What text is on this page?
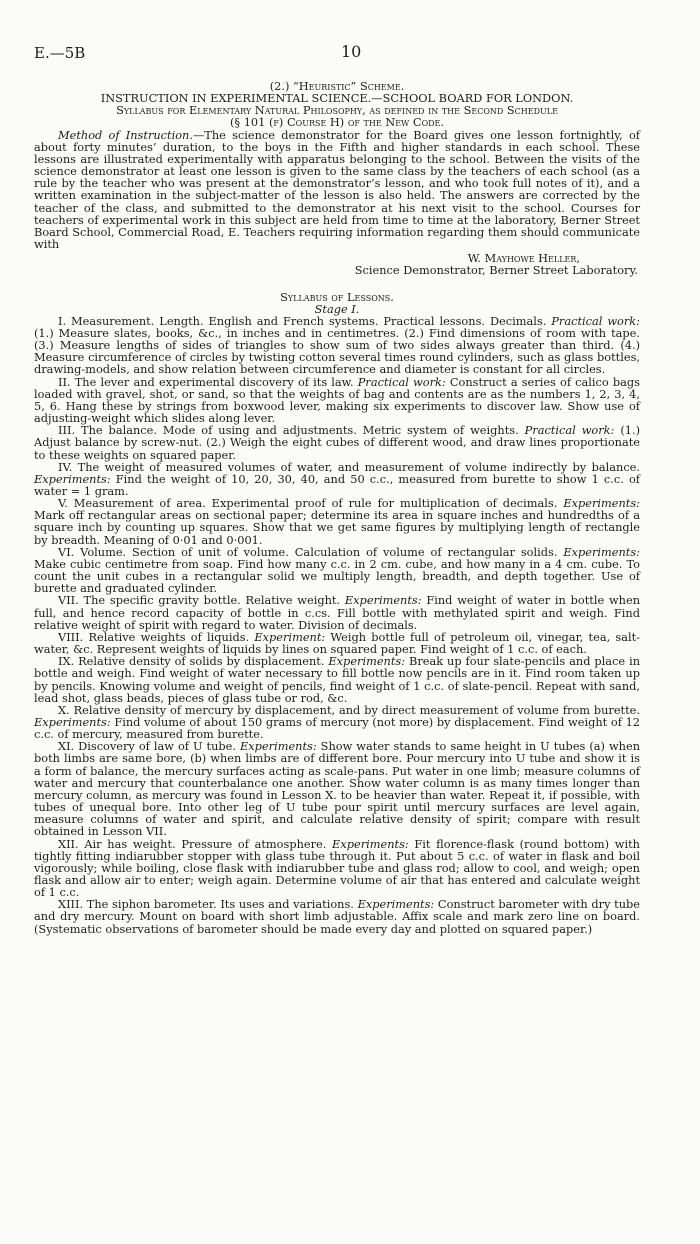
E.—5B	10

(2.) “Heuristic” Scheme.

INSTRUCTION IN EXPERIMENTAL SCIENCE.—SCHOOL BOARD FOR LONDON.

Syllabus for Elementary Natural Philosophy, as defined in the Second Schedule

(§ 101 (f) Course H) of the New Code.

Method of Instruction.—The science demonstrator for the Board gives one lesson fortnightly, of about forty minutes’ duration, to the boys in the Fifth and higher standards in each school. These lessons are illustrated experimentally with apparatus belonging to the school. Between the visits of the science demonstrator at least one lesson is given to the same class by the teachers of each school (as a rule by the teacher who was present at the demonstrator’s lesson, and who took full notes of it), and a written examination in the subject-matter of the lesson is also held. The answers are corrected by the teacher of the class, and submitted to the demonstrator at his next visit to the school. Courses for teachers of experimental work in this subject are held from time to time at the laboratory, Berner Street Board School, Commercial Road, E. Teachers requiring information regarding them should communicate with

W. Mayhowe Heller,

Science Demonstrator, Berner Street Laboratory.

Syllabus of Lessons.

Stage I.

I. Measurement. Length. English and French systems. Practical lessons. Decimals. Practical work: (1.) Measure slates, books, &c., in inches and in centimetres. (2.) Find dimensions of room with tape. (3.) Measure lengths of sides of triangles to show sum of two sides always greater than third. (4.) Measure circumference of circles by twisting cotton several times round cylinders, such as glass bottles, drawing-models, and show relation between circumference and diameter is constant for all circles.

II. The lever and experimental discovery of its law. Practical work: Construct a series of calico bags loaded with gravel, shot, or sand, so that the weights of bag and contents are as the numbers 1, 2, 3, 4, 5, 6. Hang these by strings from boxwood lever, making six experiments to discover law. Show use of adjusting-weight which slides along lever.

III. The balance. Mode of using and adjustments. Metric system of weights. Practical work: (1.) Adjust balance by screw-nut. (2.) Weigh the eight cubes of different wood, and draw lines proportionate to these weights on squared paper.

IV. The weight of measured volumes of water, and measurement of volume indirectly by balance. Experiments: Find the weight of 10, 20, 30, 40, and 50 c.c., measured from burette to show 1 c.c. of water = 1 gram.

V. Measurement of area. Experimental proof of rule for multiplication of decimals. Experiments: Mark off rectangular areas on sectional paper; determine its area in square inches and hundredths of a square inch by counting up squares. Show that we get same figures by multiplying length of rectangle by breadth. Meaning of 0·01 and 0·001.

VI. Volume. Section of unit of volume. Calculation of volume of rectangular solids. Experiments: Make cubic centimetre from soap. Find how many c.c. in 2 cm. cube, and how many in a 4 cm. cube. To count the unit cubes in a rectangular solid we multiply length, breadth, and depth together. Use of burette and graduated cylinder.

VII. The specific gravity bottle. Relative weight. Experiments: Find weight of water in bottle when full, and hence record capacity of bottle in c.cs. Fill bottle with methylated spirit and weigh. Find relative weight of spirit with regard to water. Division of decimals.

VIII. Relative weights of liquids. Experiment: Weigh bottle full of petroleum oil, vinegar, tea, salt-water, &c. Represent weights of liquids by lines on squared paper. Find weight of 1 c.c. of each.

IX. Relative density of solids by displacement. Experiments: Break up four slate-pencils and place in bottle and weigh. Find weight of water necessary to fill bottle now pencils are in it. Find room taken up by pencils. Knowing volume and weight of pencils, find weight of 1 c.c. of slate-pencil. Repeat with sand, lead shot, glass beads, pieces of glass tube or rod, &c.

X. Relative density of mercury by displacement, and by direct measurement of volume from burette. Experiments: Find volume of about 150 grams of mercury (not more) by displacement. Find weight of 12 c.c. of mercury, measured from burette.

XI. Discovery of law of U tube. Experiments: Show water stands to same height in U tubes (a) when both limbs are same bore, (b) when limbs are of different bore. Pour mercury into U tube and show it is a form of balance, the mercury surfaces acting as scale-pans. Put water in one limb; measure columns of water and mercury that counterbalance one another. Show water column is as many times longer than mercury column, as mercury was found in Lesson X. to be heavier than water. Repeat it, if possible, with tubes of unequal bore. Into other leg of U tube pour spirit until mercury surfaces are level again, measure columns of water and spirit, and calculate relative density of spirit; compare with result obtained in Lesson VII.

XII. Air has weight. Pressure of atmosphere. Experiments: Fit florence-flask (round bottom) with tightly fitting indiarubber stopper with glass tube through it. Put about 5 c.c. of water in flask and boil vigorously; while boiling, close flask with indiarubber tube and glass rod; allow to cool, and weigh; open flask and allow air to enter; weigh again. Determine volume of air that has entered and calculate weight of 1 c.c.

XIII. The siphon barometer. Its uses and variations. Experiments: Construct barometer with dry tube and dry mercury. Mount on board with short limb adjustable. Affix scale and mark zero line on board. (Systematic observations of barometer should be made every day and plotted on squared paper.)
